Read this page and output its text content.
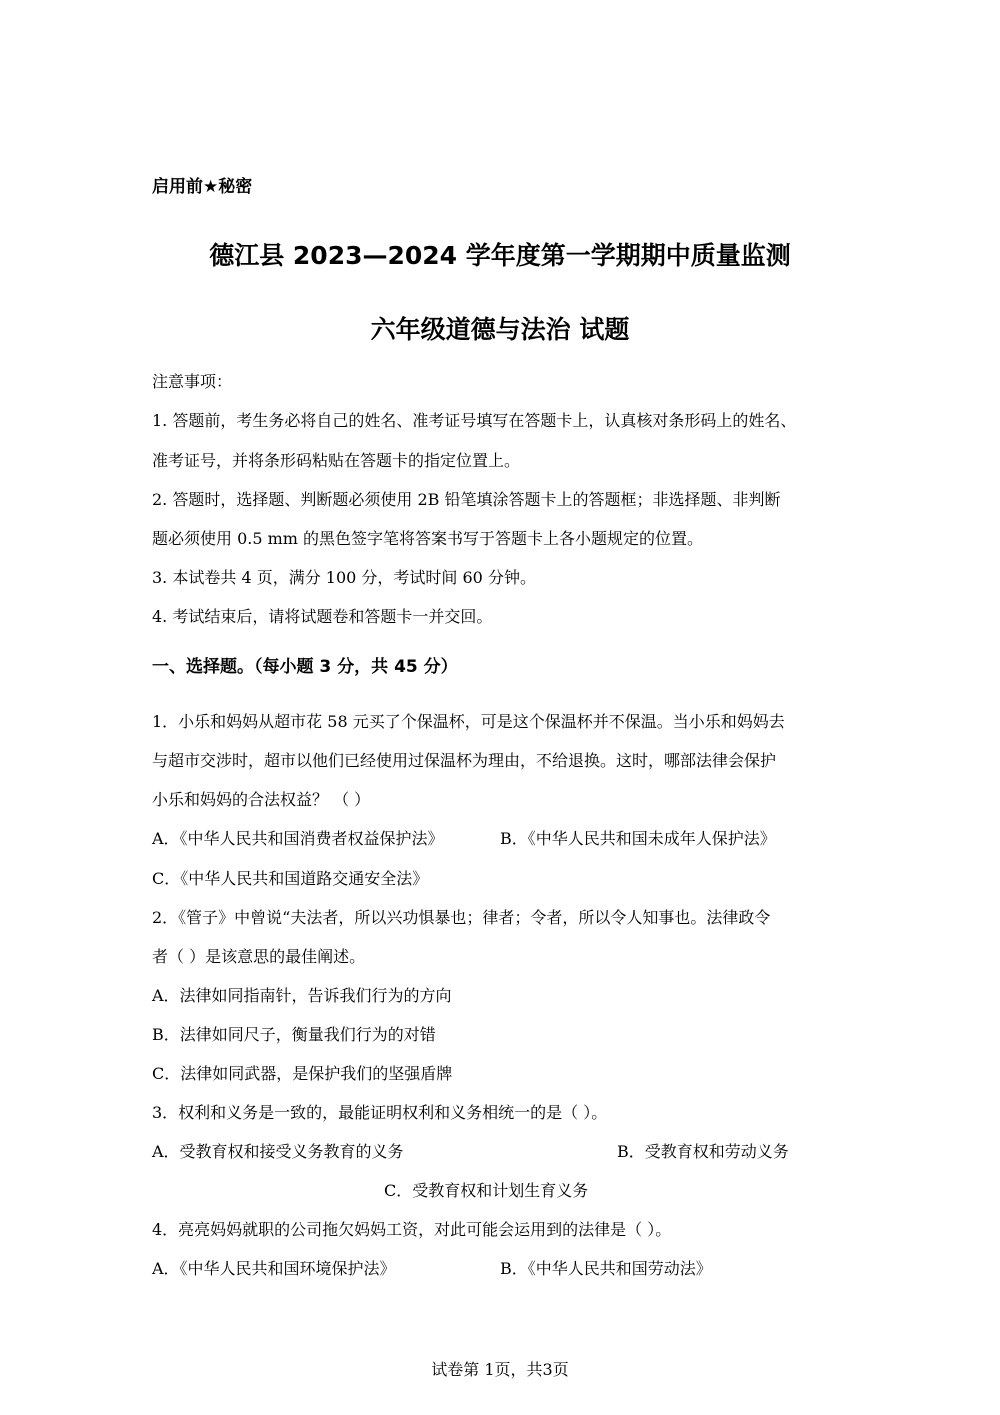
启用前★秘密
德江县 2023—2024 学年度第一学期期中质量监测
六年级道德与法治 试题
注意事项：
1. 答题前，考生务必将自己的姓名、准考证号填写在答题卡上，认真核对条形码上的姓名、
准考证号，并将条形码粘贴在答题卡的指定位置上。
2. 答题时，选择题、判断题必须使用 2B 铅笔填涂答题卡上的答题框；非选择题、非判断
题必须使用 0.5 mm 的黑色签字笔将答案书写于答题卡上各小题规定的位置。
3. 本试卷共 4 页，满分 100 分，考试时间 60 分钟。
4. 考试结束后，请将试题卷和答题卡一并交回。
一、选择题。（每小题 3 分，共 45 分）
1．小乐和妈妈从超市花 58 元买了个保温杯，可是这个保温杯并不保温。当小乐和妈妈去
与超市交涉时，超市以他们已经使用过保温杯为理由，不给退换。这时，哪部法律会保护
小乐和妈妈的合法权益？ （ ）
A．《中华人民共和国消费者权益保护法》	B．《中华人民共和国未成年人保护法》
C．《中华人民共和国道路交通安全法》
2．《管子》中曾说“夫法者，所以兴功惧暴也；律者；令者，所以令人知事也。法律政令
者（ ）是该意思的最佳阐述。
A．法律如同指南针，告诉我们行为的方向
B．法律如同尺子，衡量我们行为的对错
C．法律如同武器，是保护我们的坚强盾牌
3．权利和义务是一致的，最能证明权利和义务相统一的是（ ）。
A．受教育权和接受义务教育的义务	B．受教育权和劳动义务
C．受教育权和计划生育义务
4．亮亮妈妈就职的公司拖欠妈妈工资，对此可能会运用到的法律是（ ）。
A．《中华人民共和国环境保护法》	B．《中华人民共和国劳动法》
试卷第 1页，共3页
